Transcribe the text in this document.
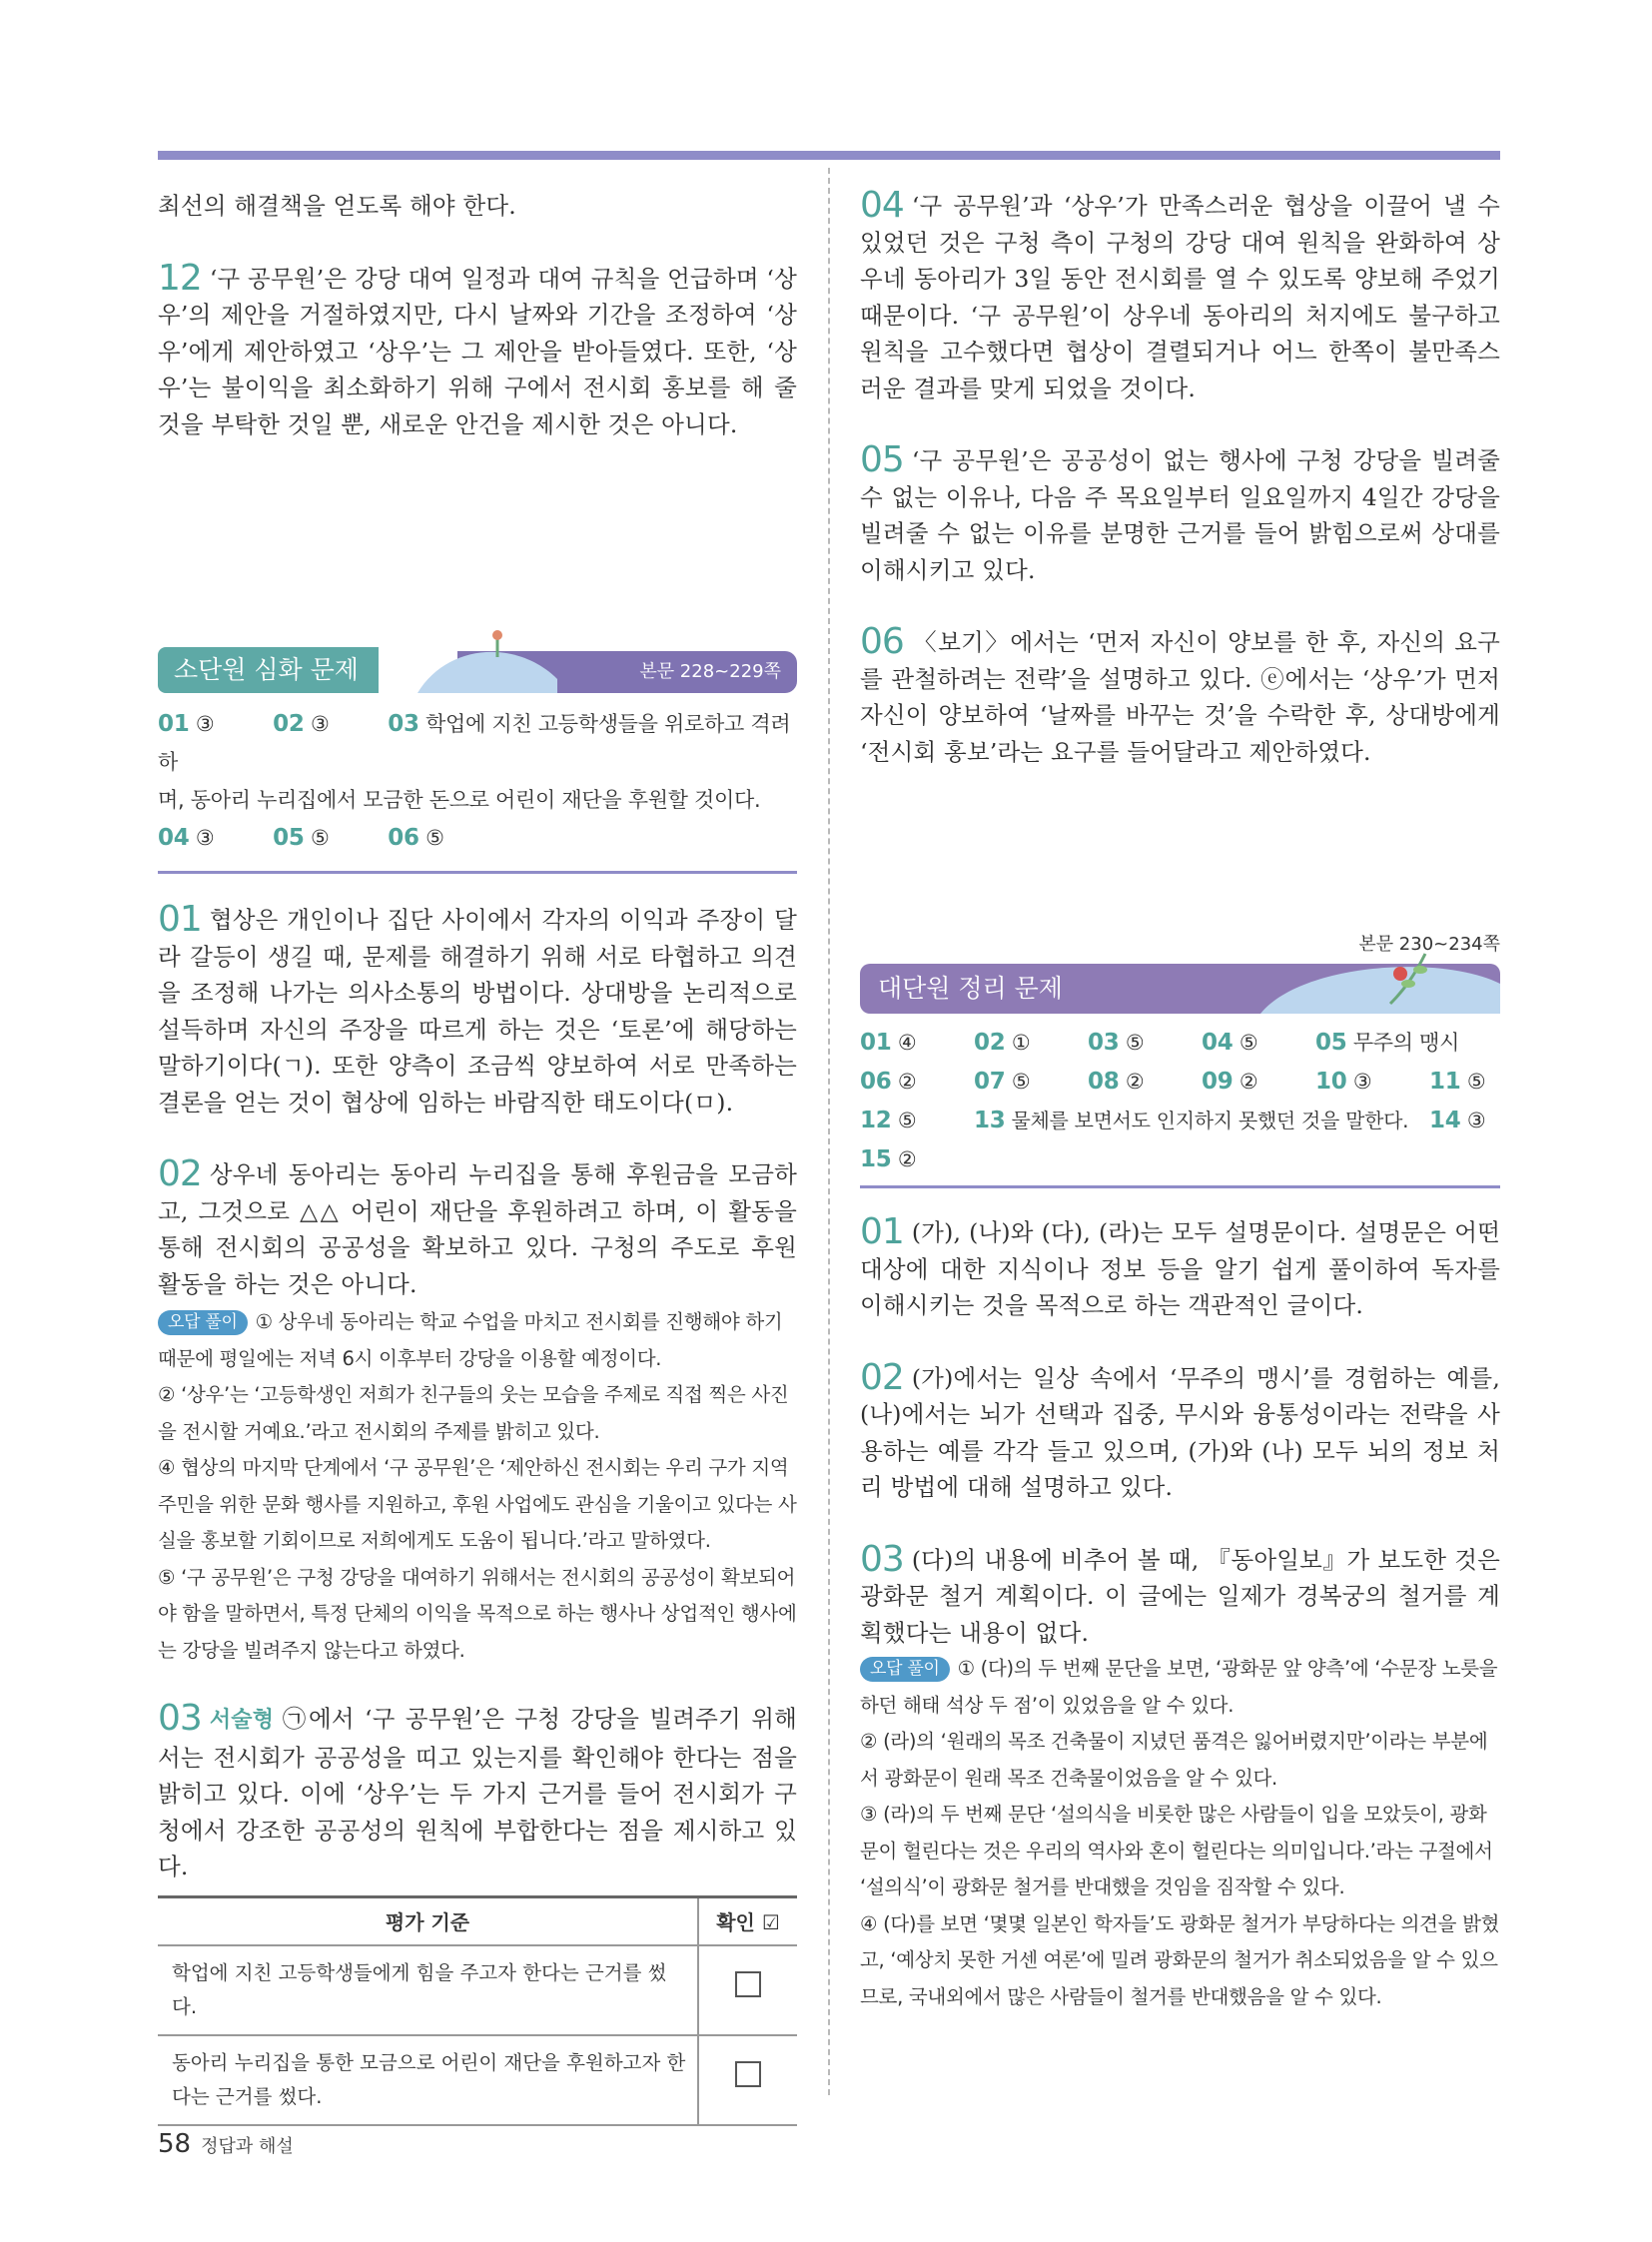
최선의 해결책을 얻도록 해야 한다.

12 ‘구 공무원’은 강당 대여 일정과 대여 규칙을 언급하며 ‘상우’의 제안을 거절하였지만, 다시 날짜와 기간을 조정하여 ‘상우’에게 제안하였고 ‘상우’는 그 제안을 받아들였다. 또한, ‘상우’는 불이익을 최소화하기 위해 구에서 전시회 홍보를 해 줄 것을 부탁한 것일 뿐, 새로운 안건을 제시한 것은 아니다.

본문 228~229쪽
소단원 심화 문제
01 ③	02 ③	03 학업에 지친 고등학생들을 위로하고 격려하
며, 동아리 누리집에서 모금한 돈으로 어린이 재단을 후원할 것이다.
04 ③	05 ⑤	06 ⑤

01 협상은 개인이나 집단 사이에서 각자의 이익과 주장이 달라 갈등이 생길 때, 문제를 해결하기 위해 서로 타협하고 의견을 조정해 나가는 의사소통의 방법이다. 상대방을 논리적으로 설득하며 자신의 주장을 따르게 하는 것은 ‘토론’에 해당하는 말하기이다(ㄱ). 또한 양측이 조금씩 양보하여 서로 만족하는 결론을 얻는 것이 협상에 임하는 바람직한 태도이다(ㅁ).

02 상우네 동아리는 동아리 누리집을 통해 후원금을 모금하고, 그것으로 △△ 어린이 재단을 후원하려고 하며, 이 활동을 통해 전시회의 공공성을 확보하고 있다. 구청의 주도로 후원 활동을 하는 것은 아니다.

오답 풀이 ① 상우네 동아리는 학교 수업을 마치고 전시회를 진행해야 하기 때문에 평일에는 저녁 6시 이후부터 강당을 이용할 예정이다.

② ‘상우’는 ‘고등학생인 저희가 친구들의 웃는 모습을 주제로 직접 찍은 사진을 전시할 거예요.’라고 전시회의 주제를 밝히고 있다.

④ 협상의 마지막 단계에서 ‘구 공무원’은 ‘제안하신 전시회는 우리 구가 지역 주민을 위한 문화 행사를 지원하고, 후원 사업에도 관심을 기울이고 있다는 사실을 홍보할 기회이므로 저희에게도 도움이 됩니다.’라고 말하였다.

⑤ ‘구 공무원’은 구청 강당을 대여하기 위해서는 전시회의 공공성이 확보되어야 함을 말하면서, 특정 단체의 이익을 목적으로 하는 행사나 상업적인 행사에는 강당을 빌려주지 않는다고 하였다.

03 서술형 ㉠에서 ‘구 공무원’은 구청 강당을 빌려주기 위해서는 전시회가 공공성을 띠고 있는지를 확인해야 한다는 점을 밝히고 있다. 이에 ‘상우’는 두 가지 근거를 들어 전시회가 구청에서 강조한 공공성의 원칙에 부합한다는 점을 제시하고 있다.

평가 기준	확인 ☑
학업에 지친 고등학생들에게 힘을 주고자 한다는 근거를 썼다.	
동아리 누리집을 통한 모금으로 어린이 재단을 후원하고자 한다는 근거를 썼다.	

04 ‘구 공무원’과 ‘상우’가 만족스러운 협상을 이끌어 낼 수 있었던 것은 구청 측이 구청의 강당 대여 원칙을 완화하여 상우네 동아리가 3일 동안 전시회를 열 수 있도록 양보해 주었기 때문이다. ‘구 공무원’이 상우네 동아리의 처지에도 불구하고 원칙을 고수했다면 협상이 결렬되거나 어느 한쪽이 불만족스러운 결과를 맞게 되었을 것이다.

05 ‘구 공무원’은 공공성이 없는 행사에 구청 강당을 빌려줄 수 없는 이유나, 다음 주 목요일부터 일요일까지 4일간 강당을 빌려줄 수 없는 이유를 분명한 근거를 들어 밝힘으로써 상대를 이해시키고 있다.

06 〈보기〉에서는 ‘먼저 자신이 양보를 한 후, 자신의 요구를 관철하려는 전략’을 설명하고 있다. ⓔ에서는 ‘상우’가 먼저 자신이 양보하여 ‘날짜를 바꾸는 것’을 수락한 후, 상대방에게 ‘전시회 홍보’라는 요구를 들어달라고 제안하였다.

본문 230~234쪽
대단원 정리 문제
01 ④	02 ①	03 ⑤	04 ⑤	05 무주의 맹시
06 ②	07 ⑤	08 ②	09 ②	10 ③	11 ⑤
12 ⑤	13 물체를 보면서도 인지하지 못했던 것을 말한다. 14 ③
15 ②

01 (가), (나)와 (다), (라)는 모두 설명문이다. 설명문은 어떤 대상에 대한 지식이나 정보 등을 알기 쉽게 풀이하여 독자를 이해시키는 것을 목적으로 하는 객관적인 글이다.

02 (가)에서는 일상 속에서 ‘무주의 맹시’를 경험하는 예를, (나)에서는 뇌가 선택과 집중, 무시와 융통성이라는 전략을 사용하는 예를 각각 들고 있으며, (가)와 (나) 모두 뇌의 정보 처리 방법에 대해 설명하고 있다.

03 (다)의 내용에 비추어 볼 때, 『동아일보』가 보도한 것은 광화문 철거 계획이다. 이 글에는 일제가 경복궁의 철거를 계획했다는 내용이 없다.

오답 풀이 ① (다)의 두 번째 문단을 보면, ‘광화문 앞 양측’에 ‘수문장 노릇을 하던 해태 석상 두 점’이 있었음을 알 수 있다.

② (라)의 ‘원래의 목조 건축물이 지녔던 품격은 잃어버렸지만’이라는 부분에서 광화문이 원래 목조 건축물이었음을 알 수 있다.

③ (라)의 두 번째 문단 ‘설의식을 비롯한 많은 사람들이 입을 모았듯이, 광화문이 헐린다는 것은 우리의 역사와 혼이 헐린다는 의미입니다.’라는 구절에서 ‘설의식’이 광화문 철거를 반대했을 것임을 짐작할 수 있다.

④ (다)를 보면 ‘몇몇 일본인 학자들’도 광화문 철거가 부당하다는 의견을 밝혔고, ‘예상치 못한 거센 여론’에 밀려 광화문의 철거가 취소되었음을 알 수 있으므로, 국내외에서 많은 사람들이 철거를 반대했음을 알 수 있다.

58 정답과 해설
